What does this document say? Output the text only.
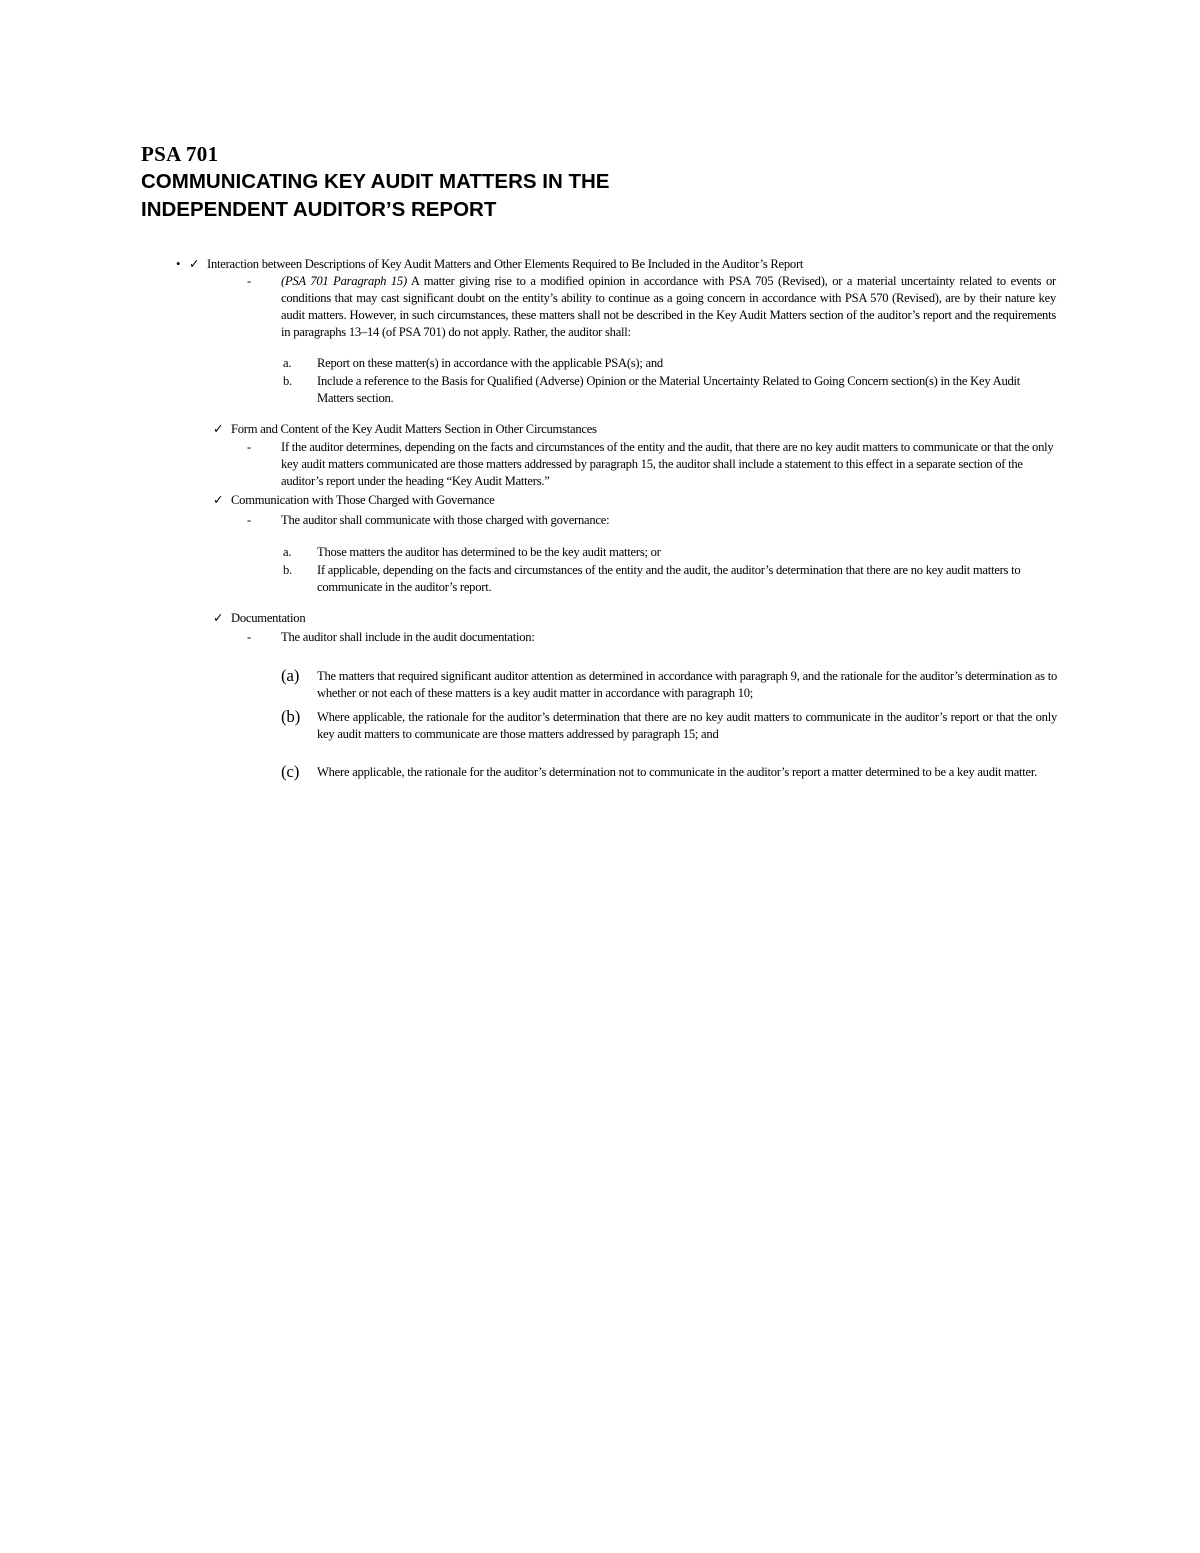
PSA 701
COMMUNICATING KEY AUDIT MATTERS IN THE
INDEPENDENT AUDITOR’S REPORT
• ✓ Interaction between Descriptions of Key Audit Matters and Other Elements Required to Be Included in the Auditor’s Report
- (PSA 701 Paragraph 15) A matter giving rise to a modified opinion in accordance with PSA 705 (Revised), or a material uncertainty related to events or conditions that may cast significant doubt on the entity’s ability to continue as a going concern in accordance with PSA 570 (Revised), are by their nature key audit matters. However, in such circumstances, these matters shall not be described in the Key Audit Matters section of the auditor’s report and the requirements in paragraphs 13–14 (of PSA 701) do not apply. Rather, the auditor shall:
a. Report on these matter(s) in accordance with the applicable PSA(s); and
b. Include a reference to the Basis for Qualified (Adverse) Opinion or the Material Uncertainty Related to Going Concern section(s) in the Key Audit Matters section.
✓ Form and Content of the Key Audit Matters Section in Other Circumstances
- If the auditor determines, depending on the facts and circumstances of the entity and the audit, that there are no key audit matters to communicate or that the only key audit matters communicated are those matters addressed by paragraph 15, the auditor shall include a statement to this effect in a separate section of the auditor’s report under the heading “Key Audit Matters.”
✓ Communication with Those Charged with Governance
- The auditor shall communicate with those charged with governance:
a. Those matters the auditor has determined to be the key audit matters; or
b. If applicable, depending on the facts and circumstances of the entity and the audit, the auditor’s determination that there are no key audit matters to communicate in the auditor’s report.
✓ Documentation
- The auditor shall include in the audit documentation:
(a) The matters that required significant auditor attention as determined in accordance with paragraph 9, and the rationale for the auditor’s determination as to whether or not each of these matters is a key audit matter in accordance with paragraph 10;
(b) Where applicable, the rationale for the auditor’s determination that there are no key audit matters to communicate in the auditor’s report or that the only key audit matters to communicate are those matters addressed by paragraph 15; and
(c) Where applicable, the rationale for the auditor’s determination not to communicate in the auditor’s report a matter determined to be a key audit matter.
